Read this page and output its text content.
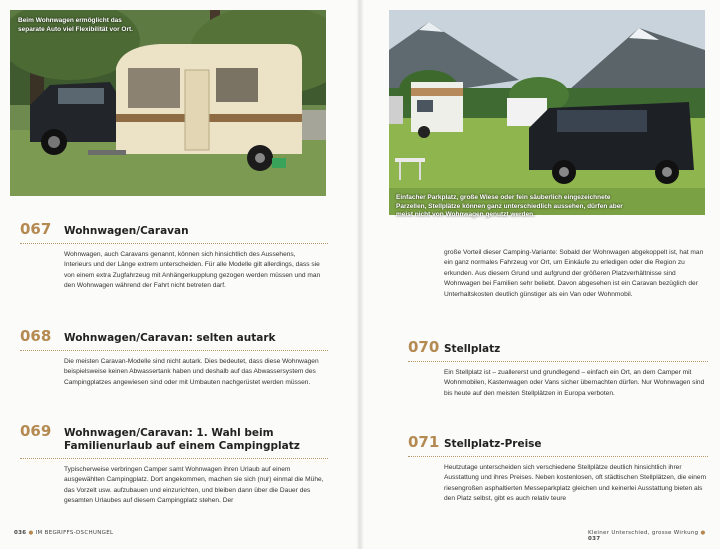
Beim Wohnwagen ermöglicht das separate Auto viel Flexibilität vor Ort.
Einfacher Parkplatz, große Wiese oder fein säuberlich eingezeichnete Parzellen, Stellplätze können ganz unterschiedlich aussehen, dürfen aber meist nicht von Wohnwagen genutzt werden.
067	Wohnwagen/Caravan

Wohnwagen, auch Caravans genannt, können sich hinsichtlich des Aussehens, Interieurs und der Länge extrem unterscheiden. Für alle Modelle gilt allerdings, dass sie von einem extra Zugfahrzeug mit Anhängerkupplung gezogen werden müssen und man den Wohnwagen während der Fahrt nicht betreten darf.

068	Wohnwagen/Caravan: selten autark

Die meisten Caravan-Modelle sind nicht autark. Dies bedeutet, dass diese Wohnwagen beispielsweise keinen Abwassertank haben und deshalb auf das Abwassersystem des Campingplatzes angewiesen sind oder mit Umbauten nachgerüstet werden müssen.

069	Wohnwagen/Caravan: 1. Wahl beim Familienurlaub auf einem Campingplatz

Typischerweise verbringen Camper samt Wohnwagen ihren Urlaub auf einem ausgewählten Campingplatz. Dort angekommen, machen sie sich (nur) einmal die Mühe, das Vorzelt usw. aufzubauen und einzurichten, und bleiben dann über die Dauer des gesamten Urlaubes auf diesem Campingplatz stehen. Der

036 ● IM BEGRIFFS-DSCHUNGEL

große Vorteil dieser Camping-Variante: Sobald der Wohnwagen abgekoppelt ist, hat man ein ganz normales Fahrzeug vor Ort, um Einkäufe zu erledigen oder die Region zu erkunden. Aus diesem Grund und aufgrund der größeren Platzverhältnisse sind Wohnwagen bei Familien sehr beliebt. Davon abgesehen ist ein Caravan bezüglich der Unterhaltskosten deutlich günstiger als ein Van oder Wohnmobil.

070 Stellplatz

Ein Stellplatz ist – zuallererst und grundlegend – einfach ein Ort, an dem Camper mit Wohnmobilen, Kastenwagen oder Vans sicher übernachten dürfen. Nur Wohnwagen sind bis heute auf den meisten Stellplätzen in Europa verboten.

071 Stellplatz-Preise

Heutzutage unterscheiden sich verschiedene Stellplätze deutlich hinsichtlich ihrer Ausstattung und ihres Preises. Neben kostenlosen, oft städtischen Stellplätzen, die einem riesengroßen asphaltierten Messeparkplatz gleichen und keinerlei Ausstattung bieten als den Platz selbst, gibt es auch relativ teure

Kleiner Unterschied, grosse Wirkung ● 037
